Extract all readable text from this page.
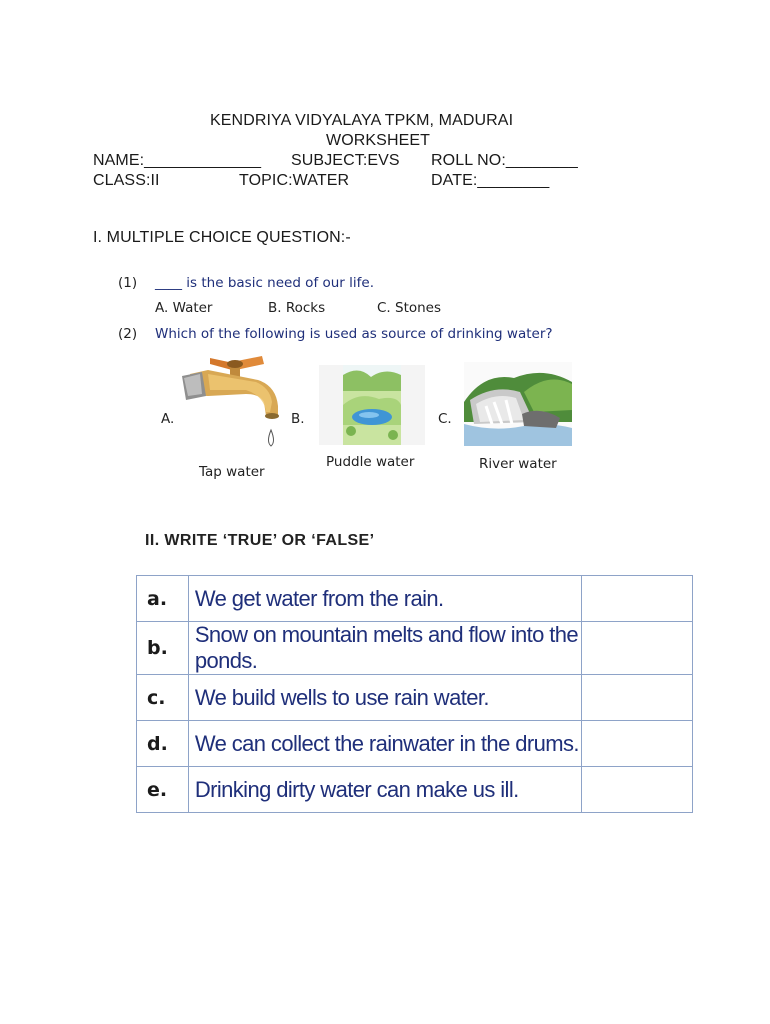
KENDRIYA VIDYALAYA TPKM, MADURAI
WORKSHEET
NAME:_____________ SUBJECT:EVS ROLL NO:________
CLASS:II	TOPIC:WATER	DATE:________
I. MULTIPLE CHOICE QUESTION:-
(1) ____ is the basic need of our life.
A. Water	B. Rocks	C. Stones
(2) Which of the following is used as source of drinking water?
A.	B.	C.
Tap water
Puddle water	River water
II. WRITE ‘TRUE’ OR ‘FALSE’
a.	We get water from the rain.	
b.	Snow on mountain melts and flow into the ponds.	
c.	We build wells to use rain water.	
d.	We can collect the rainwater in the drums.	
e.	Drinking dirty water can make us ill.	
